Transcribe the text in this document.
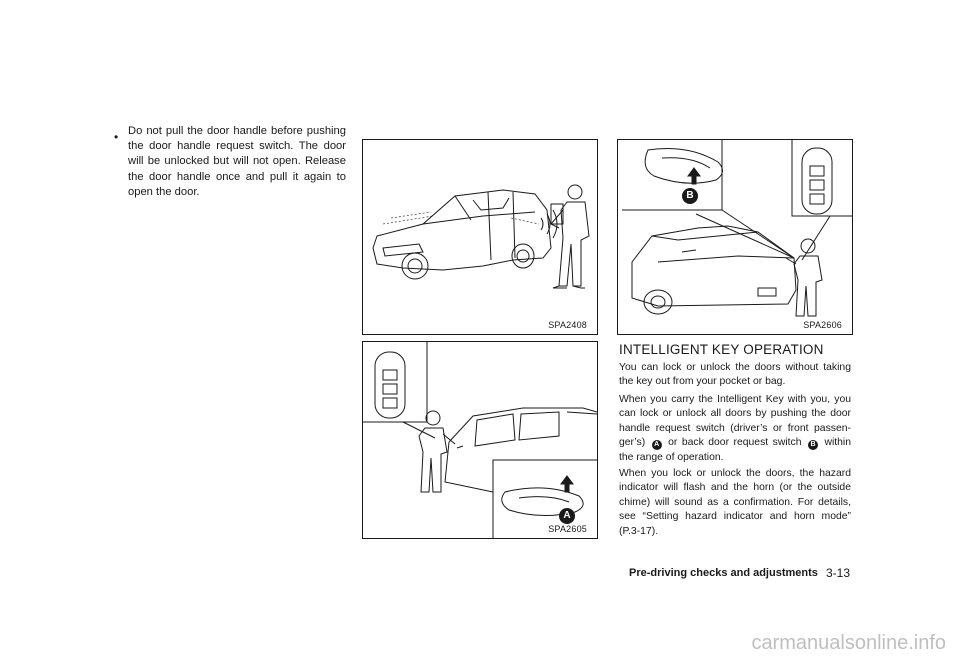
• Do not pull the door handle before pushing the door handle request switch. The door will be unlocked but will not open. Release the door handle once and pull it again to open the door.
SPA2408
B
SPA2606
A
SPA2605
INTELLIGENT KEY OPERATION
You can lock or unlock the doors without taking the key out from your pocket or bag.
When you carry the Intelligent Key with you, you can lock or unlock all doors by pushing the door handle request switch (driver’s or front passen-ger’s) A or back door request switch B within the range of operation.
When you lock or unlock the doors, the hazard indicator will flash and the horn (or the outside chime) will sound as a confirmation. For details, see “Setting hazard indicator and horn mode” (P.3-17).
Pre-driving checks and adjustments 3-13
carmanualsonline.info
